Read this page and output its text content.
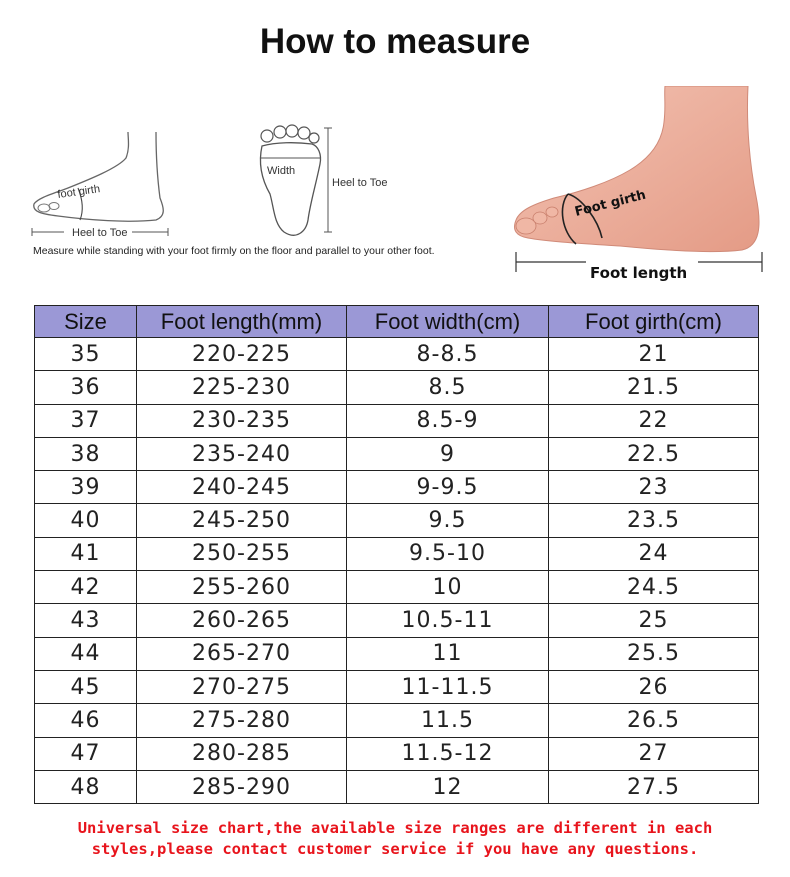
How to measure
foot girth
Heel to Toe
Width
Heel to Toe
Measure while standing with your foot firmly on the floor and parallel to your other foot.
Foot girth
Foot length
Size	Foot length(mm)	Foot width(cm)	Foot girth(cm)
35	220-225	8-8.5	21
36	225-230	8.5	21.5
37	230-235	8.5-9	22
38	235-240	9	22.5
39	240-245	9-9.5	23
40	245-250	9.5	23.5
41	250-255	9.5-10	24
42	255-260	10	24.5
43	260-265	10.5-11	25
44	265-270	11	25.5
45	270-275	11-11.5	26
46	275-280	11.5	26.5
47	280-285	11.5-12	27
48	285-290	12	27.5
Universal size chart,the available size ranges are different in each
styles,please contact customer service if you have any questions.
